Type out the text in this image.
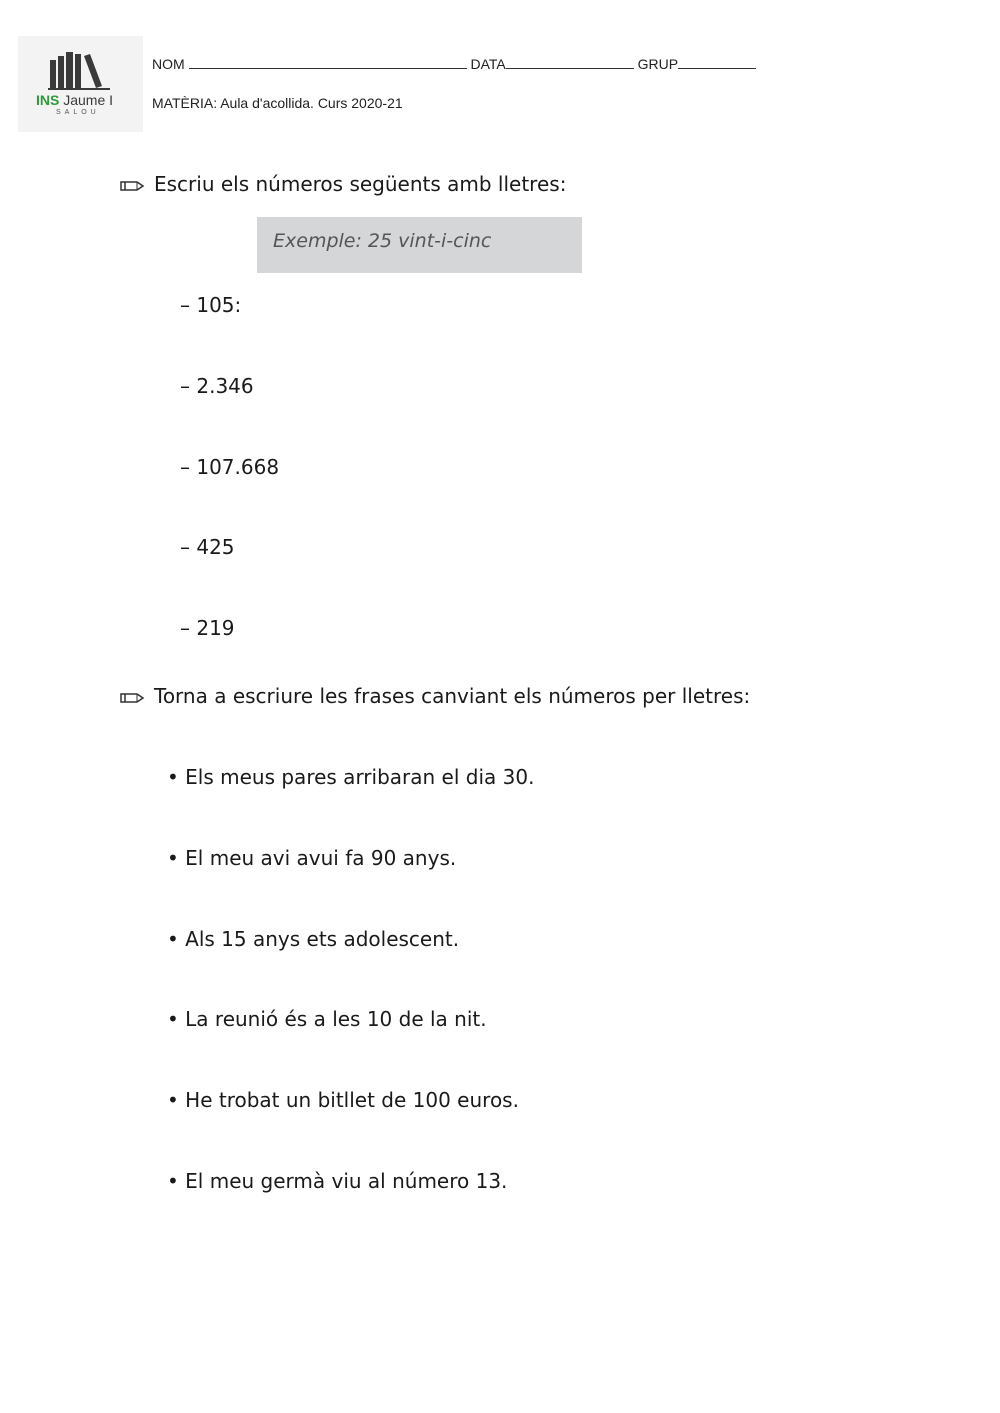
INS Jaume I
SALOU
NOM	DATA	GRUP
MATÈRIA: Aula d'acollida. Curs 2020-21
Escriu els números següents amb lletres:
Exemple: 25 vint-i-cinc
– 105:
– 2.346
– 107.668
– 425
– 219
Torna a escriure les frases canviant els números per lletres:
• Els meus pares arribaran el dia 30.
• El meu avi avui fa 90 anys.
• Als 15 anys ets adolescent.
• La reunió és a les 10 de la nit.
• He trobat un bitllet de 100 euros.
• El meu germà viu al número 13.
